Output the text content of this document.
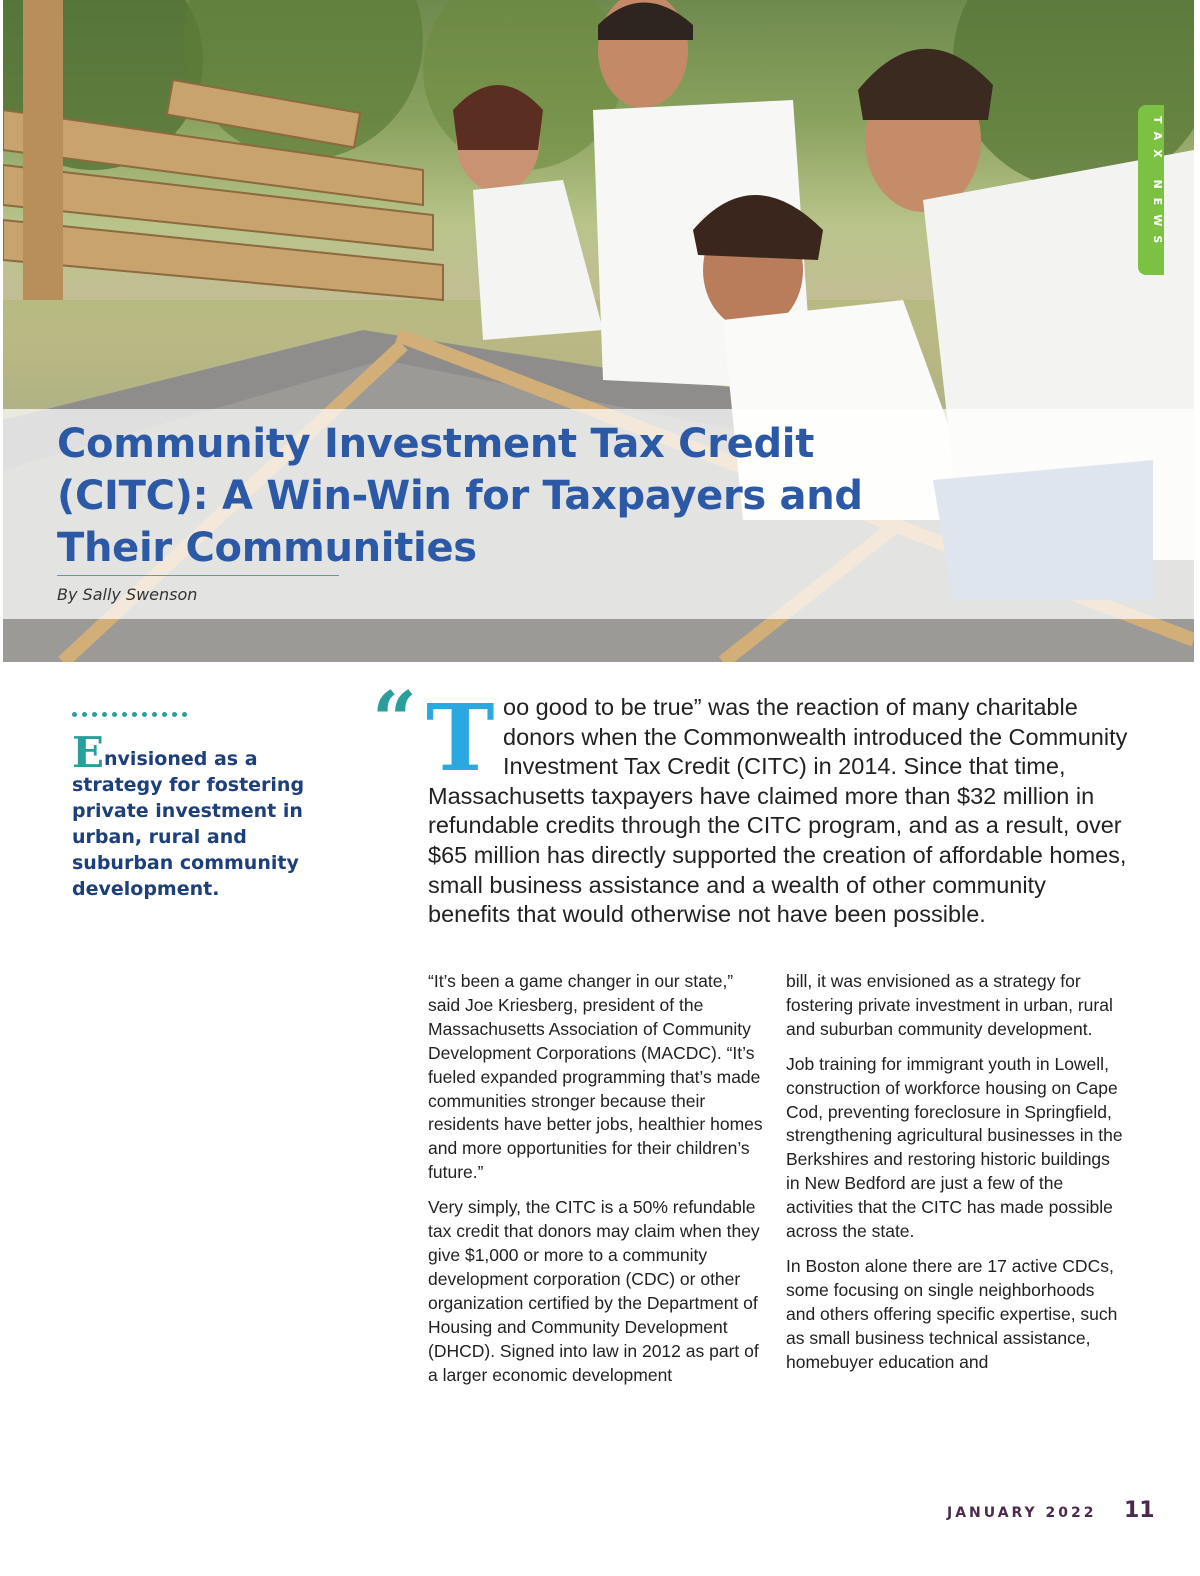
TAX NEWS
Community Investment Tax Credit (CITC): A Win-Win for Taxpayers and Their Communities

By Sally Swenson

Envisioned as a strategy for fostering private investment in urban, rural and suburban community development.

“ T oo good to be true” was the reaction of many charitable donors when the Commonwealth introduced the Community Investment Tax Credit (CITC) in 2014. Since that time, Massachusetts taxpayers have claimed more than $32 million in refundable credits through the CITC program, and as a result, over $65 million has directly supported the creation of affordable homes, small business assistance and a wealth of other community benefits that would otherwise not have been possible.

“It’s been a game changer in our state,” said Joe Kriesberg, president of the Massachusetts Association of Community Development Corporations (MACDC). “It’s fueled expanded programming that’s made communities stronger because their residents have better jobs, healthier homes and more opportunities for their children’s future.”

Very simply, the CITC is a 50% refundable tax credit that donors may claim when they give $1,000 or more to a community development corporation (CDC) or other organization certified by the Department of Housing and Community Development (DHCD). Signed into law in 2012 as part of a larger economic development

bill, it was envisioned as a strategy for fostering private investment in urban, rural and suburban community development.

Job training for immigrant youth in Lowell, construction of workforce housing on Cape Cod, preventing foreclosure in Springfield, strengthening agricultural businesses in the Berkshires and restoring historic buildings in New Bedford are just a few of the activities that the CITC has made possible across the state.

In Boston alone there are 17 active CDCs, some focusing on single neighborhoods and others offering specific expertise, such as small business technical assistance, homebuyer education and

JANUARY 2022 11
